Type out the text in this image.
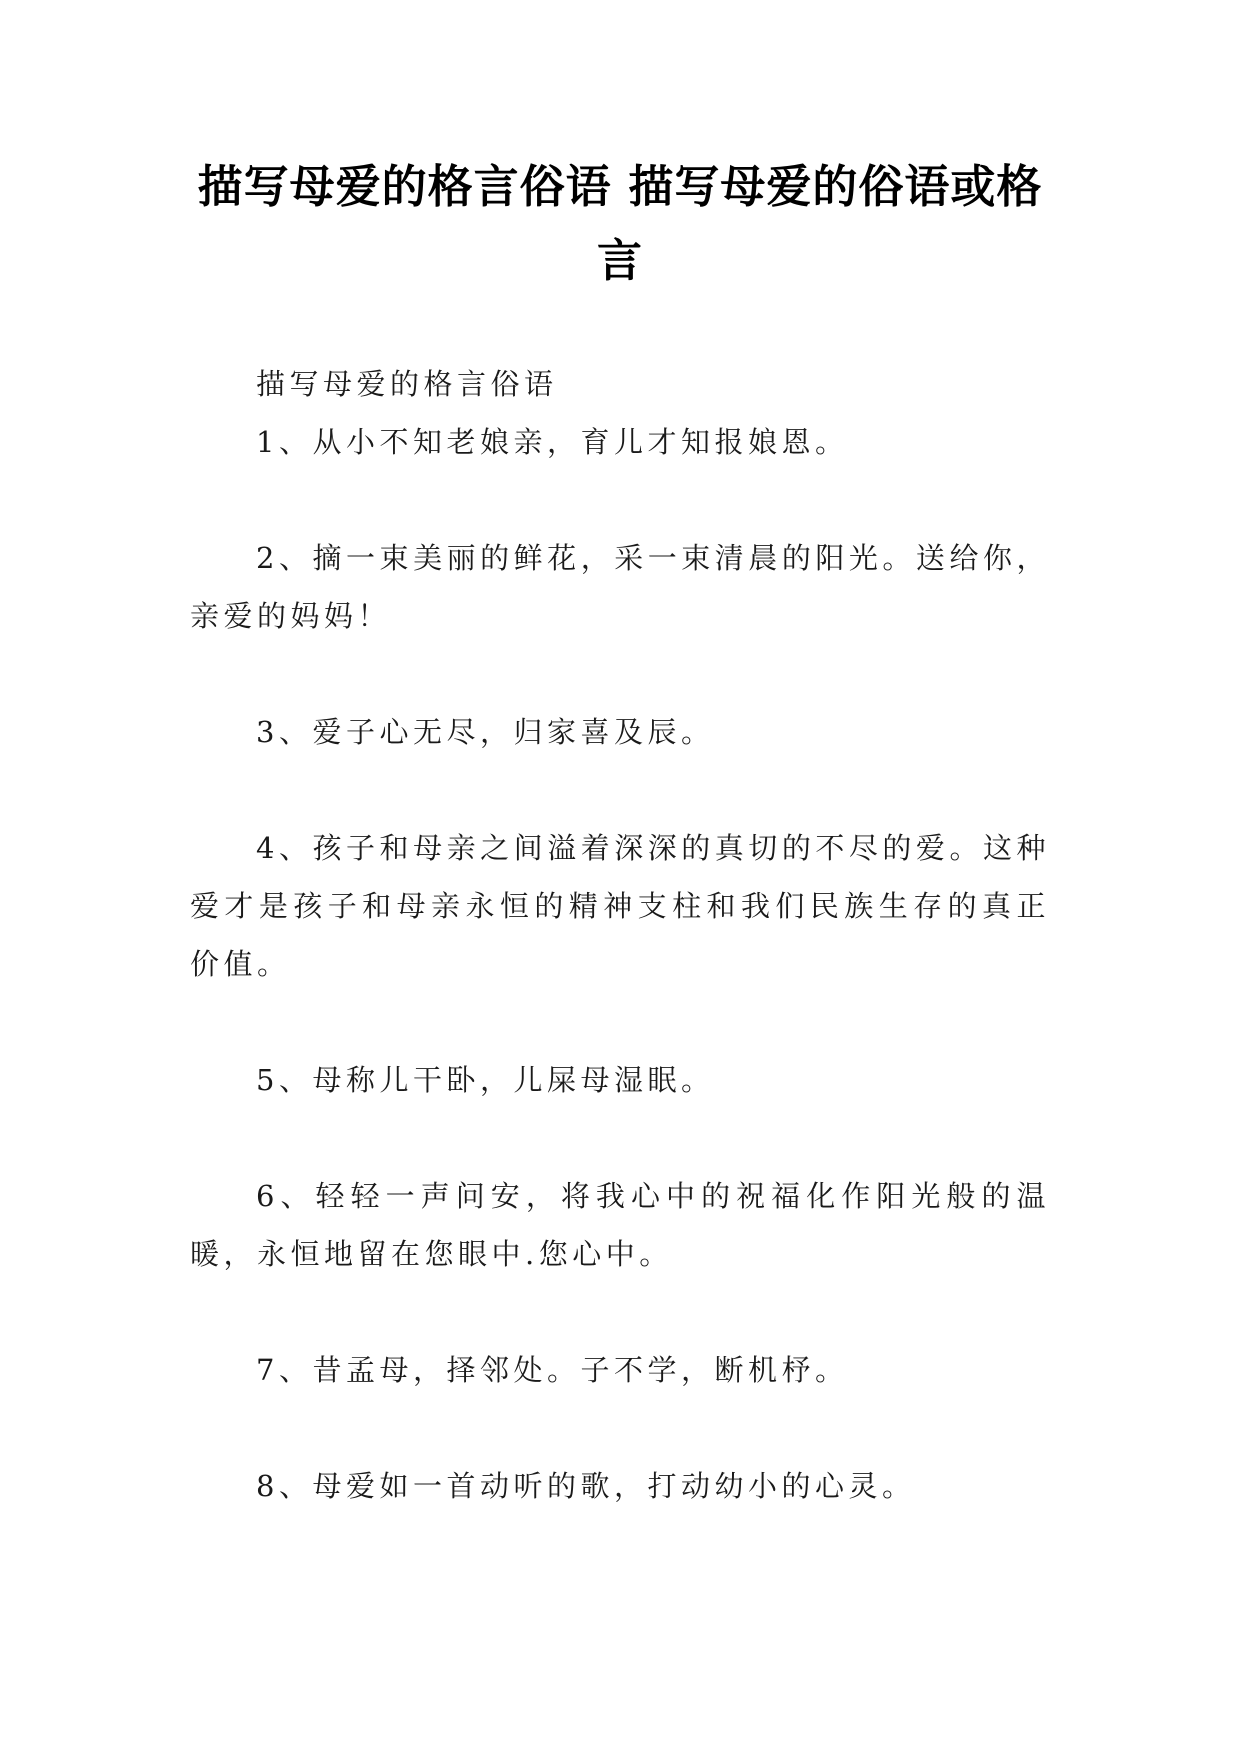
描写母爱的格言俗语 描写母爱的俗语或格言

描写母爱的格言俗语

1、从小不知老娘亲，育儿才知报娘恩。

2、摘一束美丽的鲜花，采一束清晨的阳光。送给你，亲爱的妈妈！

3、爱子心无尽，归家喜及辰。

4、孩子和母亲之间溢着深深的真切的不尽的爱。这种爱才是孩子和母亲永恒的精神支柱和我们民族生存的真正价值。

5、母称儿干卧，儿屎母湿眠。

6、轻轻一声问安，将我心中的祝福化作阳光般的温暖，永恒地留在您眼中.您心中。

7、昔孟母，择邻处。子不学，断机杼。

8、母爱如一首动听的歌，打动幼小的心灵。
